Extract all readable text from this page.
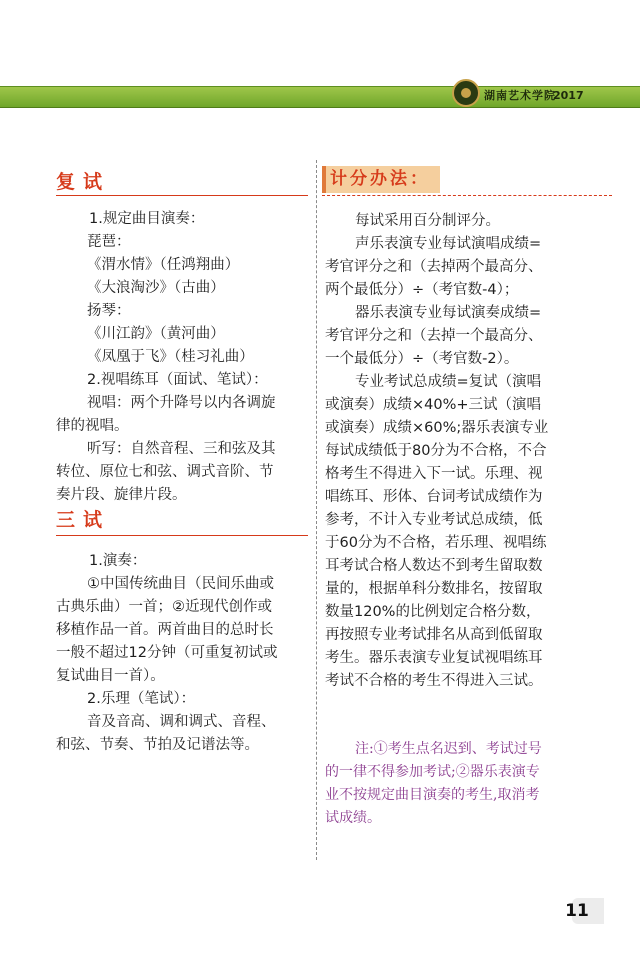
湖南艺术学院
2017
复试
1.规定曲目演奏：
琵琶：
《渭水情》（任鸿翔曲）
《大浪淘沙》（古曲）
扬琴：
《川江韵》（黄河曲）
《凤凰于飞》（桂习礼曲）
2.视唱练耳（面试、笔试）：
视唱：两个升降号以内各调旋
律的视唱。
听写：自然音程、三和弦及其
转位、原位七和弦、调式音阶、节
奏片段、旋律片段。
三试
1.演奏：
①中国传统曲目（民间乐曲或
古典乐曲）一首；②近现代创作或
移植作品一首。两首曲目的总时长
一般不超过12分钟（可重复初试或
复试曲目一首）。
2.乐理（笔试）：
音及音高、调和调式、音程、
和弦、节奏、节拍及记谱法等。
计分办法：
每试采用百分制评分。
声乐表演专业每试演唱成绩=
考官评分之和（去掉两个最高分、
两个最低分）÷（考官数-4）；
器乐表演专业每试演奏成绩=
考官评分之和（去掉一个最高分、
一个最低分）÷（考官数-2）。
专业考试总成绩=复试（演唱
或演奏）成绩×40%+三试（演唱
或演奏）成绩×60%;器乐表演专业
每试成绩低于80分为不合格，不合
格考生不得进入下一试。乐理、视
唱练耳、形体、台词考试成绩作为
参考，不计入专业考试总成绩，低
于60分为不合格，若乐理、视唱练
耳考试合格人数达不到考生留取数
量的，根据单科分数排名，按留取
数量120%的比例划定合格分数，
再按照专业考试排名从高到低留取
考生。器乐表演专业复试视唱练耳
考试不合格的考生不得进入三试。
注:①考生点名迟到、考试过号
的一律不得参加考试;②器乐表演专
业不按规定曲目演奏的考生,取消考
试成绩。
11
